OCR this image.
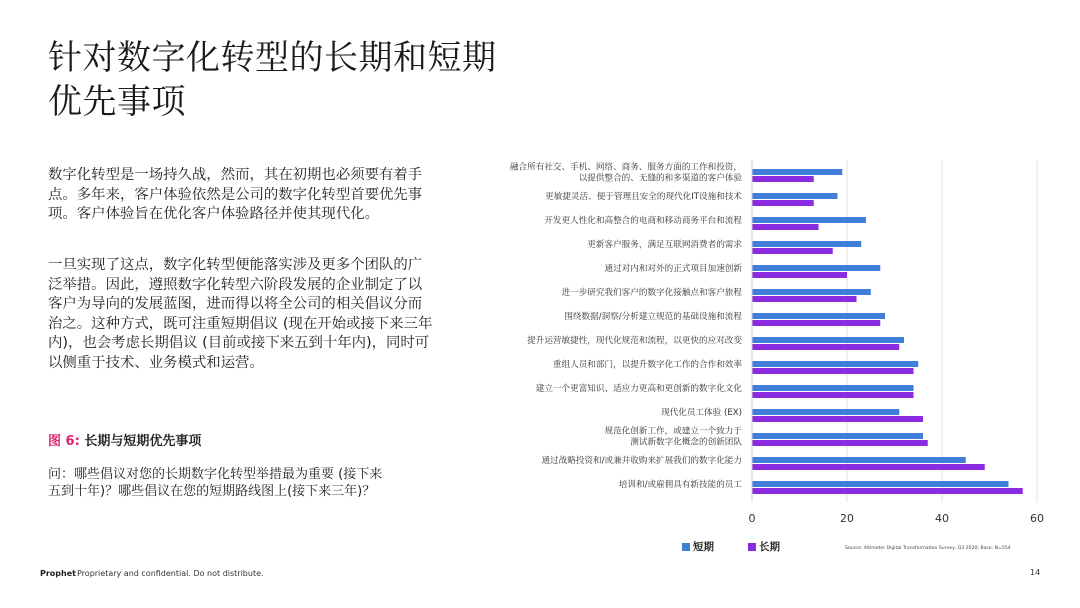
针对数字化转型的长期和短期
优先事项
数字化转型是一场持久战，然而，其在初期也必须要有着手点。多年来，客户体验依然是公司的数字化转型首要优先事项。客户体验旨在优化客户体验路径并使其现代化。
一旦实现了这点，数字化转型便能落实涉及更多个团队的广泛举措。因此，遵照数字化转型六阶段发展的企业制定了以客户为导向的发展蓝图，进而得以将全公司的相关倡议分而治之。这种方式，既可注重短期倡议 (现在开始或接下来三年内)，也会考虑长期倡议 (目前或接下来五到十年内)，同时可以侧重于技术、业务模式和运营。
图 6: 长期与短期优先事项
问：哪些倡议对您的长期数字化转型举措最为重要 (接下来五到十年)？哪些倡议在您的短期路线图上(接下来三年)？
融合所有社交、手机、网络、商务、服务方面的工作和投资，以提供整合的、无缝的和多渠道的客户体验
更敏捷灵活、便于管理且安全的现代化IT设施和技术
开发更人性化和高整合的电商和移动商务平台和流程
更新客户服务，满足互联网消费者的需求
通过对内和对外的正式项目加速创新
进一步研究我们客户的数字化接触点和客户旅程
围绕数据/洞察/分析建立规范的基础设施和流程
提升运营敏捷性，现代化规范和流程，以更快的应对改变
重组人员和部门，以提升数字化工作的合作和效率
建立一个更富知识、适应力更高和更创新的数字化文化
现代化员工体验 (EX)
规范化创新工作，或建立一个致力于测试新数字化概念的创新团队
通过战略投资和/或兼并收购来扩展我们的数字化能力
培训和/或雇佣具有新技能的员工
0	20	40	60
短期	长期	Source: Altimeter Digital Transformation Survey, Q3 2020; Base: N=554
Prophet Proprietary and confidential. Do not distribute.	14
